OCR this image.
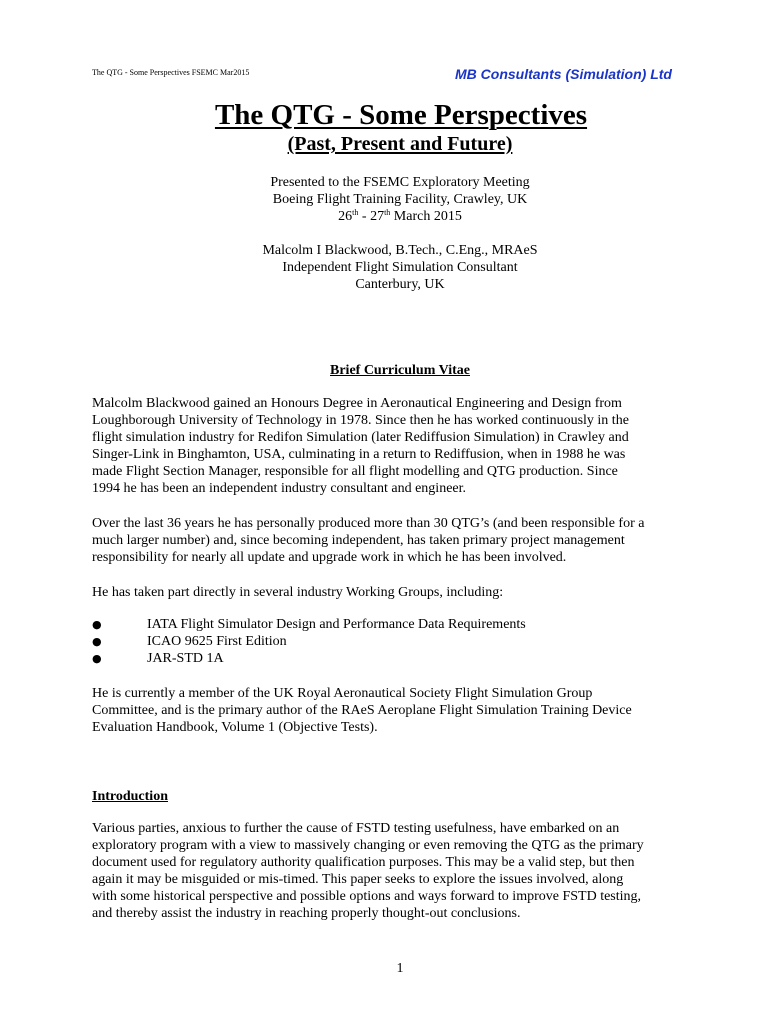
The QTG - Some Perspectives FSEMC Mar2015	MB Consultants (Simulation) Ltd
The QTG - Some Perspectives
(Past, Present and Future)
Presented to the FSEMC Exploratory Meeting
Boeing Flight Training Facility, Crawley, UK
26th - 27th March 2015
Malcolm I Blackwood, B.Tech., C.Eng., MRAeS
Independent Flight Simulation Consultant
Canterbury, UK
Brief Curriculum Vitae
Malcolm Blackwood gained an Honours Degree in Aeronautical Engineering and Design from
Loughborough University of Technology in 1978. Since then he has worked continuously in the
flight simulation industry for Redifon Simulation (later Rediffusion Simulation) in Crawley and
Singer-Link in Binghamton, USA, culminating in a return to Rediffusion, when in 1988 he was
made Flight Section Manager, responsible for all flight modelling and QTG production. Since
1994 he has been an independent industry consultant and engineer.
Over the last 36 years he has personally produced more than 30 QTG’s (and been responsible for a
much larger number) and, since becoming independent, has taken primary project management
responsibility for nearly all update and upgrade work in which he has been involved.
He has taken part directly in several industry Working Groups, including:
●	IATA Flight Simulator Design and Performance Data Requirements
●	ICAO 9625 First Edition
●	JAR-STD 1A
He is currently a member of the UK Royal Aeronautical Society Flight Simulation Group
Committee, and is the primary author of the RAeS Aeroplane Flight Simulation Training Device
Evaluation Handbook, Volume 1 (Objective Tests).
Introduction
Various parties, anxious to further the cause of FSTD testing usefulness, have embarked on an
exploratory program with a view to massively changing or even removing the QTG as the primary
document used for regulatory authority qualification purposes. This may be a valid step, but then
again it may be misguided or mis-timed. This paper seeks to explore the issues involved, along
with some historical perspective and possible options and ways forward to improve FSTD testing,
and thereby assist the industry in reaching properly thought-out conclusions.
1
